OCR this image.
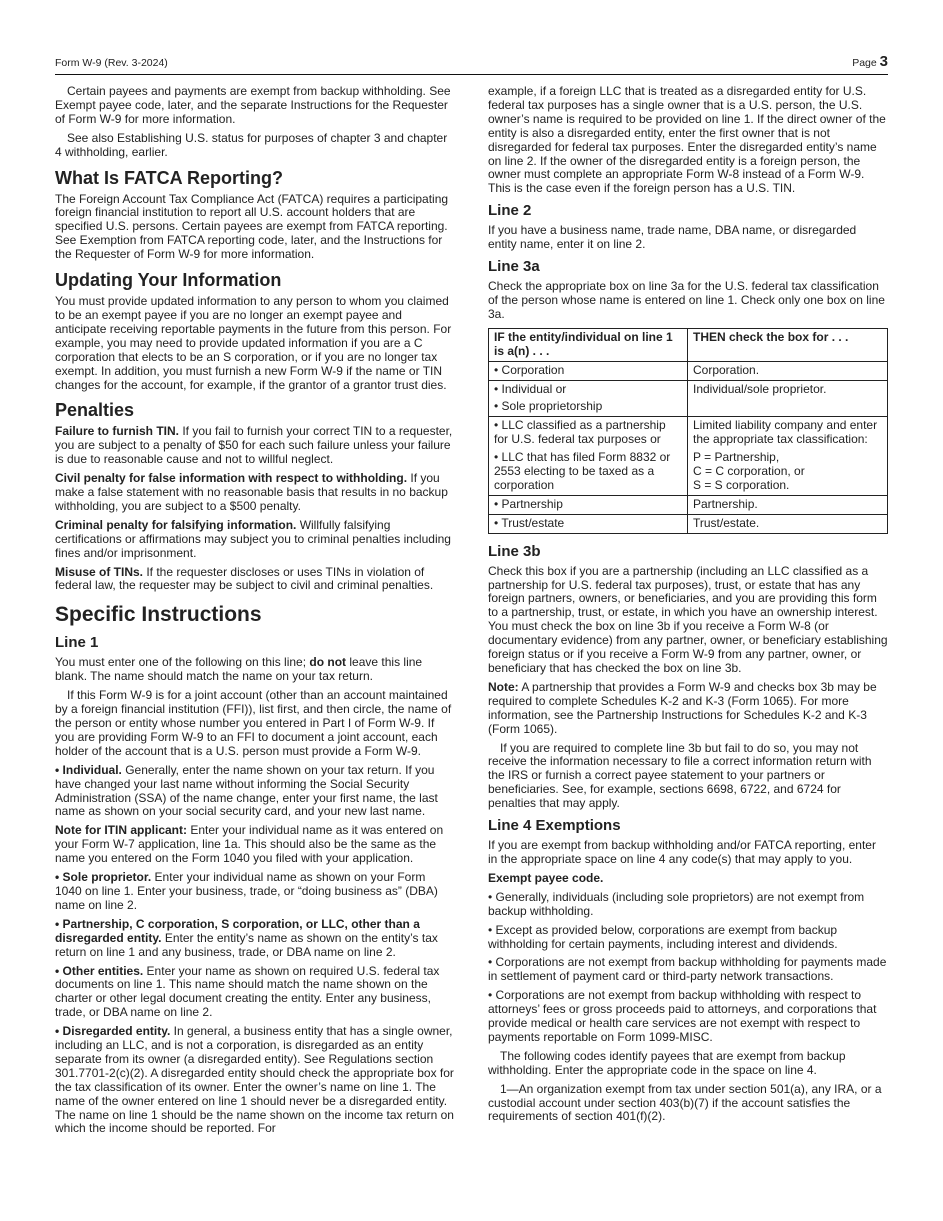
Form W-9 (Rev. 3-2024)	Page 3

Certain payees and payments are exempt from backup withholding. See Exempt payee code, later, and the separate Instructions for the Requester of Form W-9 for more information.

See also Establishing U.S. status for purposes of chapter 3 and chapter 4 withholding, earlier.

What Is FATCA Reporting?

The Foreign Account Tax Compliance Act (FATCA) requires a participating foreign financial institution to report all U.S. account holders that are specified U.S. persons. Certain payees are exempt from FATCA reporting. See Exemption from FATCA reporting code, later, and the Instructions for the Requester of Form W-9 for more information.

Updating Your Information

You must provide updated information to any person to whom you claimed to be an exempt payee if you are no longer an exempt payee and anticipate receiving reportable payments in the future from this person. For example, you may need to provide updated information if you are a C corporation that elects to be an S corporation, or if you are no longer tax exempt. In addition, you must furnish a new Form W-9 if the name or TIN changes for the account, for example, if the grantor of a grantor trust dies.

Penalties

Failure to furnish TIN. If you fail to furnish your correct TIN to a requester, you are subject to a penalty of $50 for each such failure unless your failure is due to reasonable cause and not to willful neglect.

Civil penalty for false information with respect to withholding. If you make a false statement with no reasonable basis that results in no backup withholding, you are subject to a $500 penalty.

Criminal penalty for falsifying information. Willfully falsifying certifications or affirmations may subject you to criminal penalties including fines and/or imprisonment.

Misuse of TINs. If the requester discloses or uses TINs in violation of federal law, the requester may be subject to civil and criminal penalties.

Specific Instructions
Line 1

You must enter one of the following on this line; do not leave this line blank. The name should match the name on your tax return.

If this Form W-9 is for a joint account (other than an account maintained by a foreign financial institution (FFI)), list first, and then circle, the name of the person or entity whose number you entered in Part I of Form W-9. If you are providing Form W-9 to an FFI to document a joint account, each holder of the account that is a U.S. person must provide a Form W-9.

• Individual. Generally, enter the name shown on your tax return. If you have changed your last name without informing the Social Security Administration (SSA) of the name change, enter your first name, the last name as shown on your social security card, and your new last name.

Note for ITIN applicant: Enter your individual name as it was entered on your Form W-7 application, line 1a. This should also be the same as the name you entered on the Form 1040 you filed with your application.

• Sole proprietor. Enter your individual name as shown on your Form 1040 on line 1. Enter your business, trade, or “doing business as” (DBA) name on line 2.

• Partnership, C corporation, S corporation, or LLC, other than a disregarded entity. Enter the entity’s name as shown on the entity’s tax return on line 1 and any business, trade, or DBA name on line 2.

• Other entities. Enter your name as shown on required U.S. federal tax documents on line 1. This name should match the name shown on the charter or other legal document creating the entity. Enter any business, trade, or DBA name on line 2.

• Disregarded entity. In general, a business entity that has a single owner, including an LLC, and is not a corporation, is disregarded as an entity separate from its owner (a disregarded entity). See Regulations section 301.7701-2(c)(2). A disregarded entity should check the appropriate box for the tax classification of its owner. Enter the owner’s name on line 1. The name of the owner entered on line 1 should never be a disregarded entity. The name on line 1 should be the name shown on the income tax return on which the income should be reported. For

example, if a foreign LLC that is treated as a disregarded entity for U.S. federal tax purposes has a single owner that is a U.S. person, the U.S. owner’s name is required to be provided on line 1. If the direct owner of the entity is also a disregarded entity, enter the first owner that is not disregarded for federal tax purposes. Enter the disregarded entity’s name on line 2. If the owner of the disregarded entity is a foreign person, the owner must complete an appropriate Form W-8 instead of a Form W-9. This is the case even if the foreign person has a U.S. TIN.

Line 2

If you have a business name, trade name, DBA name, or disregarded entity name, enter it on line 2.

Line 3a

Check the appropriate box on line 3a for the U.S. federal tax classification of the person whose name is entered on line 1. Check only one box on line 3a.

IF the entity/individual on line 1 is a(n) . . .	THEN check the box for . . .
• Corporation	Corporation.
• Individual or
• Sole proprietorship	Individual/sole proprietor.
• LLC classified as a partnership for U.S. federal tax purposes or
• LLC that has filed Form 8832 or 2553 electing to be taxed as a corporation	Limited liability company and enter the appropriate tax classification:
P = Partnership,
C = C corporation, or
S = S corporation.

• Partnership	Partnership.
• Trust/estate	Trust/estate.
Line 3b

Check this box if you are a partnership (including an LLC classified as a partnership for U.S. federal tax purposes), trust, or estate that has any foreign partners, owners, or beneficiaries, and you are providing this form to a partnership, trust, or estate, in which you have an ownership interest. You must check the box on line 3b if you receive a Form W-8 (or documentary evidence) from any partner, owner, or beneficiary establishing foreign status or if you receive a Form W-9 from any partner, owner, or beneficiary that has checked the box on line 3b.

Note: A partnership that provides a Form W-9 and checks box 3b may be required to complete Schedules K-2 and K-3 (Form 1065). For more information, see the Partnership Instructions for Schedules K-2 and K-3 (Form 1065).

If you are required to complete line 3b but fail to do so, you may not receive the information necessary to file a correct information return with the IRS or furnish a correct payee statement to your partners or beneficiaries. See, for example, sections 6698, 6722, and 6724 for penalties that may apply.

Line 4 Exemptions

If you are exempt from backup withholding and/or FATCA reporting, enter in the appropriate space on line 4 any code(s) that may apply to you.

Exempt payee code.

• Generally, individuals (including sole proprietors) are not exempt from backup withholding.

• Except as provided below, corporations are exempt from backup withholding for certain payments, including interest and dividends.

• Corporations are not exempt from backup withholding for payments made in settlement of payment card or third-party network transactions.

• Corporations are not exempt from backup withholding with respect to attorneys’ fees or gross proceeds paid to attorneys, and corporations that provide medical or health care services are not exempt with respect to payments reportable on Form 1099-MISC.

The following codes identify payees that are exempt from backup withholding. Enter the appropriate code in the space on line 4.

1—An organization exempt from tax under section 501(a), any IRA, or a custodial account under section 403(b)(7) if the account satisfies the requirements of section 401(f)(2).
